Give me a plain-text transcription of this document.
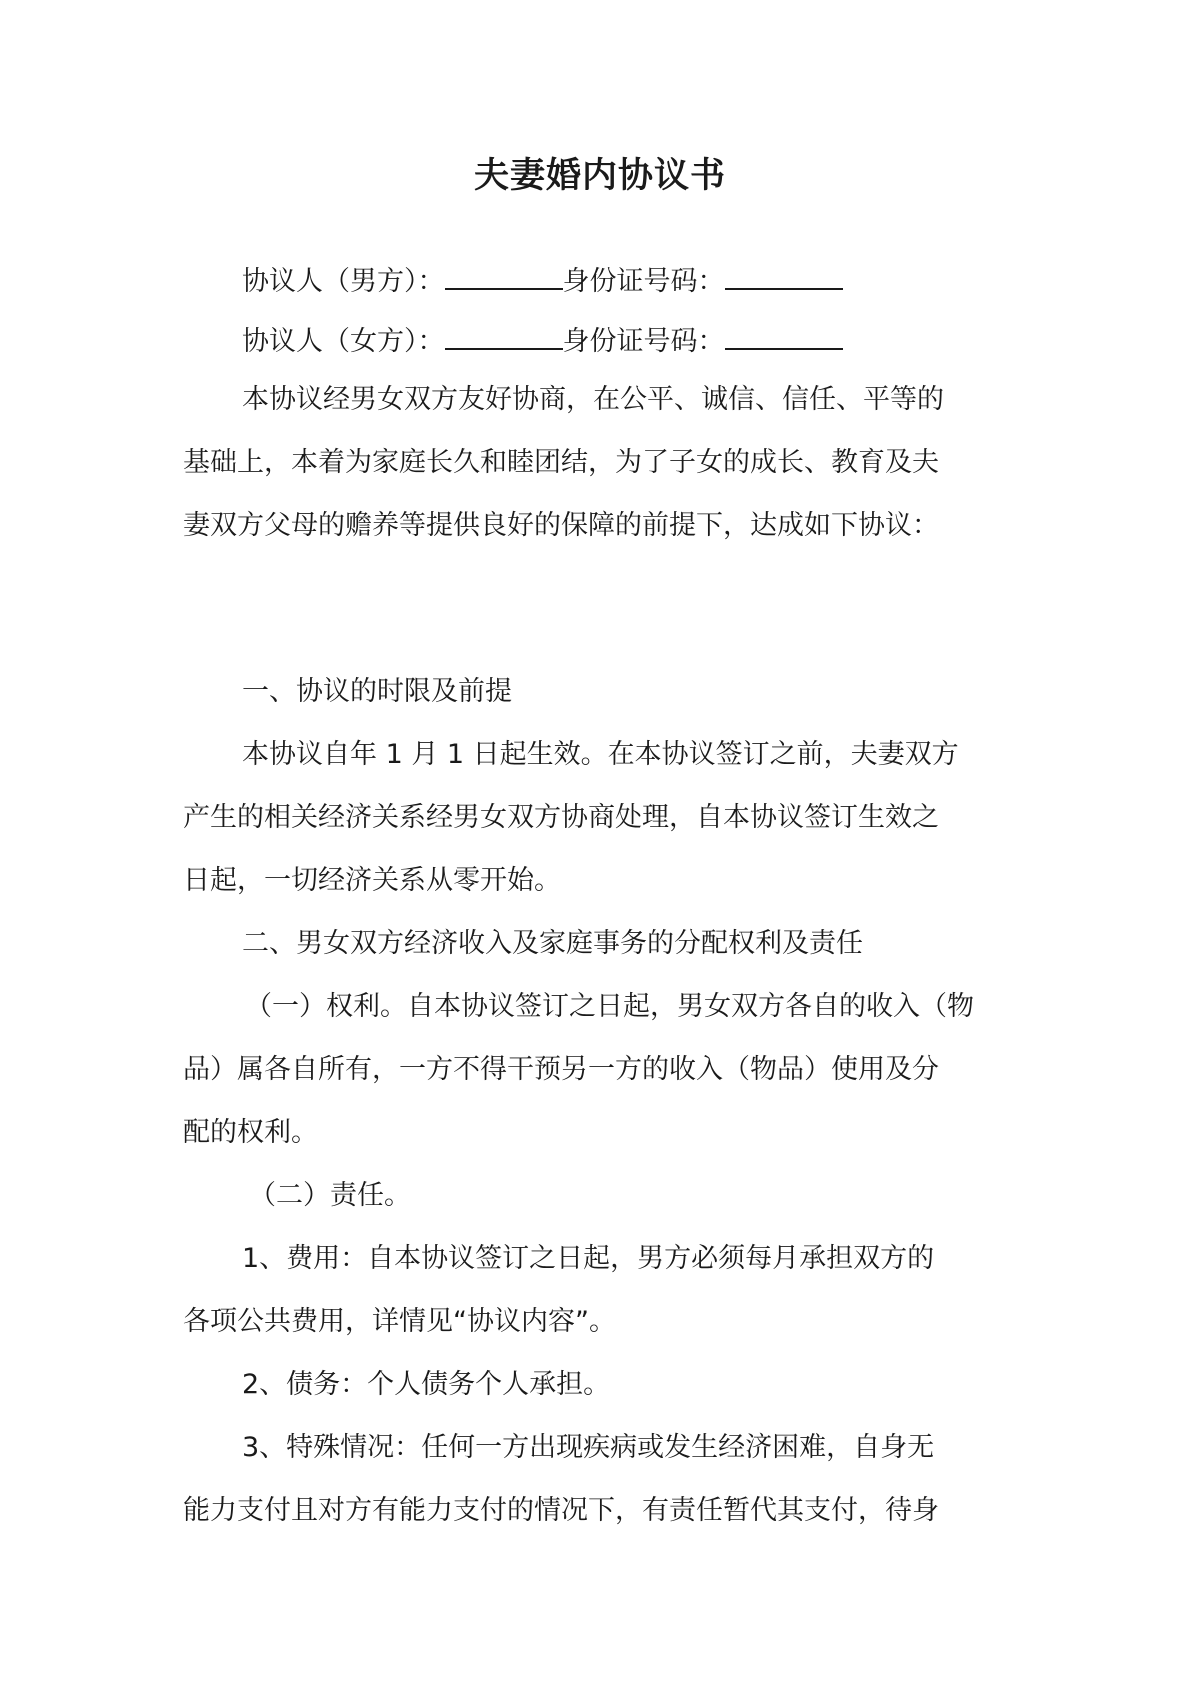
夫妻婚内协议书
协议人（男方）：	身份证号码：
协议人（女方）：	身份证号码：
本协议经男女双方友好协商，在公平、诚信、信任、平等的
基础上，本着为家庭长久和睦团结，为了子女的成长、教育及夫
妻双方父母的赡养等提供良好的保障的前提下，达成如下协议：
一、协议的时限及前提
本协议自年 1 月 1 日起生效。在本协议签订之前，夫妻双方
产生的相关经济关系经男女双方协商处理，自本协议签订生效之
日起，一切经济关系从零开始。
二、男女双方经济收入及家庭事务的分配权利及责任
（一）权利。自本协议签订之日起，男女双方各自的收入（物
品）属各自所有，一方不得干预另一方的收入（物品）使用及分
配的权利。
（二）责任。
1、费用：自本协议签订之日起，男方必须每月承担双方的
各项公共费用，详情见“协议内容”。
2、债务：个人债务个人承担。
3、特殊情况：任何一方出现疾病或发生经济困难，自身无
能力支付且对方有能力支付的情况下，有责任暂代其支付，待身
